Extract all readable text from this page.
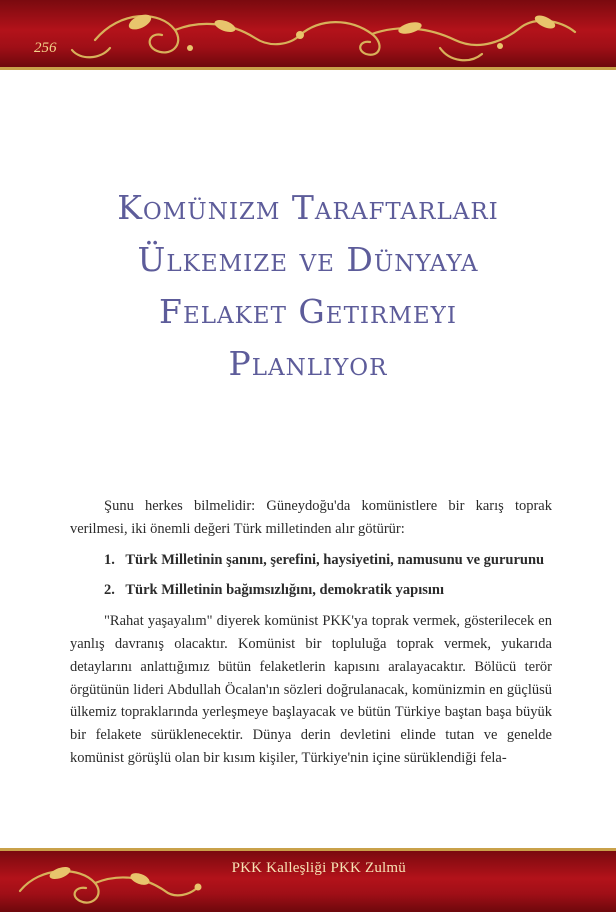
256
Komünizm Taraftarları
Ülkemize ve Dünyaya
Felaket Getirmeyi
Planlıyor

Şunu herkes bilmelidir: Güneydoğu'da komünistlere bir karış toprak verilmesi, iki önemli değeri Türk milletinden alır götürür:

1. Türk Milletinin şanını, şerefini, haysiyetini, namusunu ve gururunu

2. Türk Milletinin bağımsızlığını, demokratik yapısını

"Rahat yaşayalım" diyerek komünist PKK'ya toprak vermek, gösterilecek en yanlış davranış olacaktır. Komünist bir topluluğa toprak vermek, yukarıda detaylarını anlattığımız bütün felaketlerin kapısını aralayacaktır. Bölücü terör örgütünün lideri Abdullah Öcalan'ın sözleri doğrulanacak, komünizmin en güçlüsü ülkemiz topraklarında yerleşmeye başlayacak ve bütün Türkiye baştan başa büyük bir felakete sürüklenecektir. Dünya derin devletini elinde tutan ve genelde komünist görüşlü olan bir kısım kişiler, Türkiye'nin içine sürüklendiği fela-

PKK Kalleşliği PKK Zulmü
